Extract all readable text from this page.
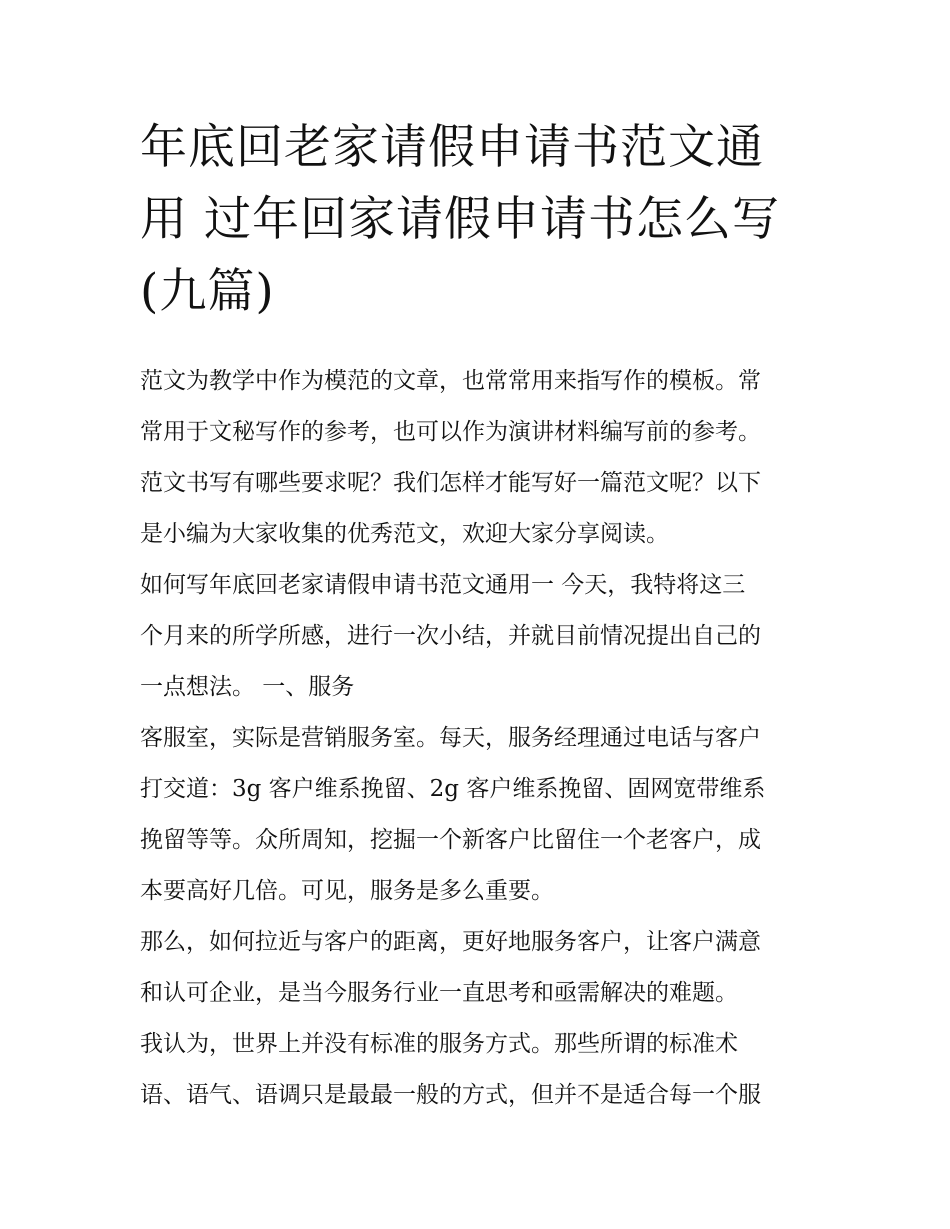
年底回老家请假申请书范文通
用 过年回家请假申请书怎么写
(九篇)
范文为教学中作为模范的文章，也常常用来指写作的模板。常
常用于文秘写作的参考，也可以作为演讲材料编写前的参考。
范文书写有哪些要求呢？我们怎样才能写好一篇范文呢？以下
是小编为大家收集的优秀范文，欢迎大家分享阅读。
如何写年底回老家请假申请书范文通用一 今天，我特将这三
个月来的所学所感，进行一次小结，并就目前情况提出自己的
一点想法。 一、服务
客服室，实际是营销服务室。每天，服务经理通过电话与客户
打交道：3g 客户维系挽留、2g 客户维系挽留、固网宽带维系
挽留等等。众所周知，挖掘一个新客户比留住一个老客户，成
本要高好几倍。可见，服务是多么重要。
那么，如何拉近与客户的距离，更好地服务客户，让客户满意
和认可企业，是当今服务行业一直思考和亟需解决的难题。
我认为，世界上并没有标准的服务方式。那些所谓的标准术
语、语气、语调只是最最一般的方式，但并不是适合每一个服
